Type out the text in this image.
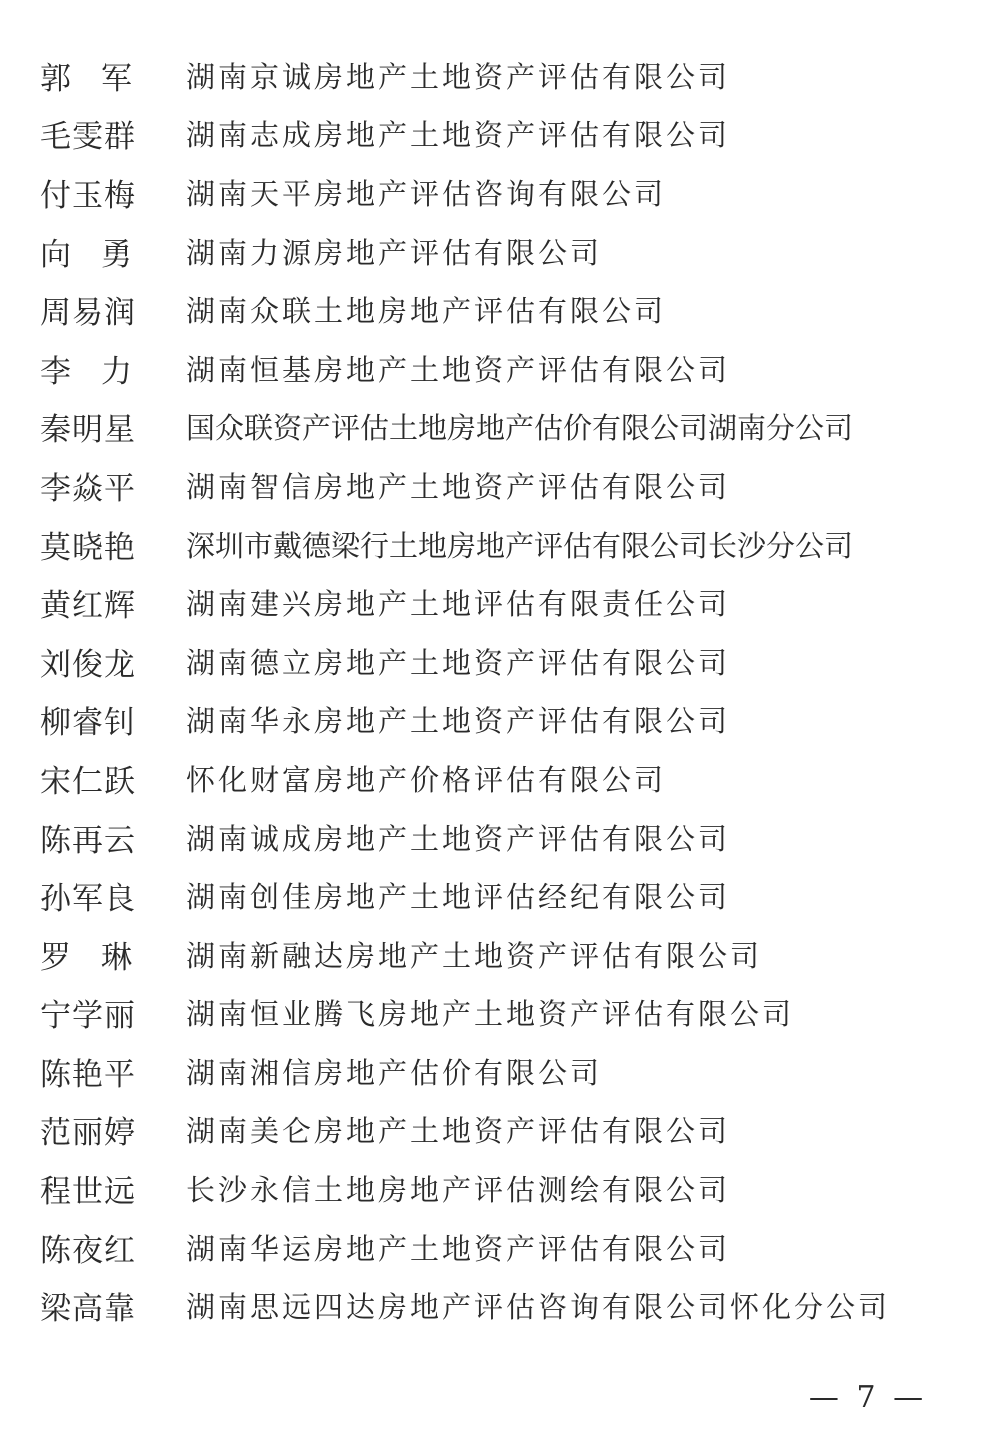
郭军 湖南京诚房地产土地资产评估有限公司
毛雯群	湖南志成房地产土地资产评估有限公司
付玉梅	湖南天平房地产评估咨询有限公司
向勇 湖南力源房地产评估有限公司
周易润	湖南众联土地房地产评估有限公司
李力 湖南恒基房地产土地资产评估有限公司
秦明星	国众联资产评估土地房地产估价有限公司湖南分公司
李焱平	湖南智信房地产土地资产评估有限公司
莫晓艳	深圳市戴德梁行土地房地产评估有限公司长沙分公司
黄红辉	湖南建兴房地产土地评估有限责任公司
刘俊龙	湖南德立房地产土地资产评估有限公司
柳睿钊	湖南华永房地产土地资产评估有限公司
宋仁跃	怀化财富房地产价格评估有限公司
陈再云	湖南诚成房地产土地资产评估有限公司
孙军良	湖南创佳房地产土地评估经纪有限公司
罗琳 湖南新融达房地产土地资产评估有限公司
宁学丽	湖南恒业腾飞房地产土地资产评估有限公司
陈艳平	湖南湘信房地产估价有限公司
范丽婷	湖南美仑房地产土地资产评估有限公司
程世远	长沙永信土地房地产评估测绘有限公司
陈夜红	湖南华运房地产土地资产评估有限公司
梁高靠	湖南思远四达房地产评估咨询有限公司怀化分公司
— 7 —
